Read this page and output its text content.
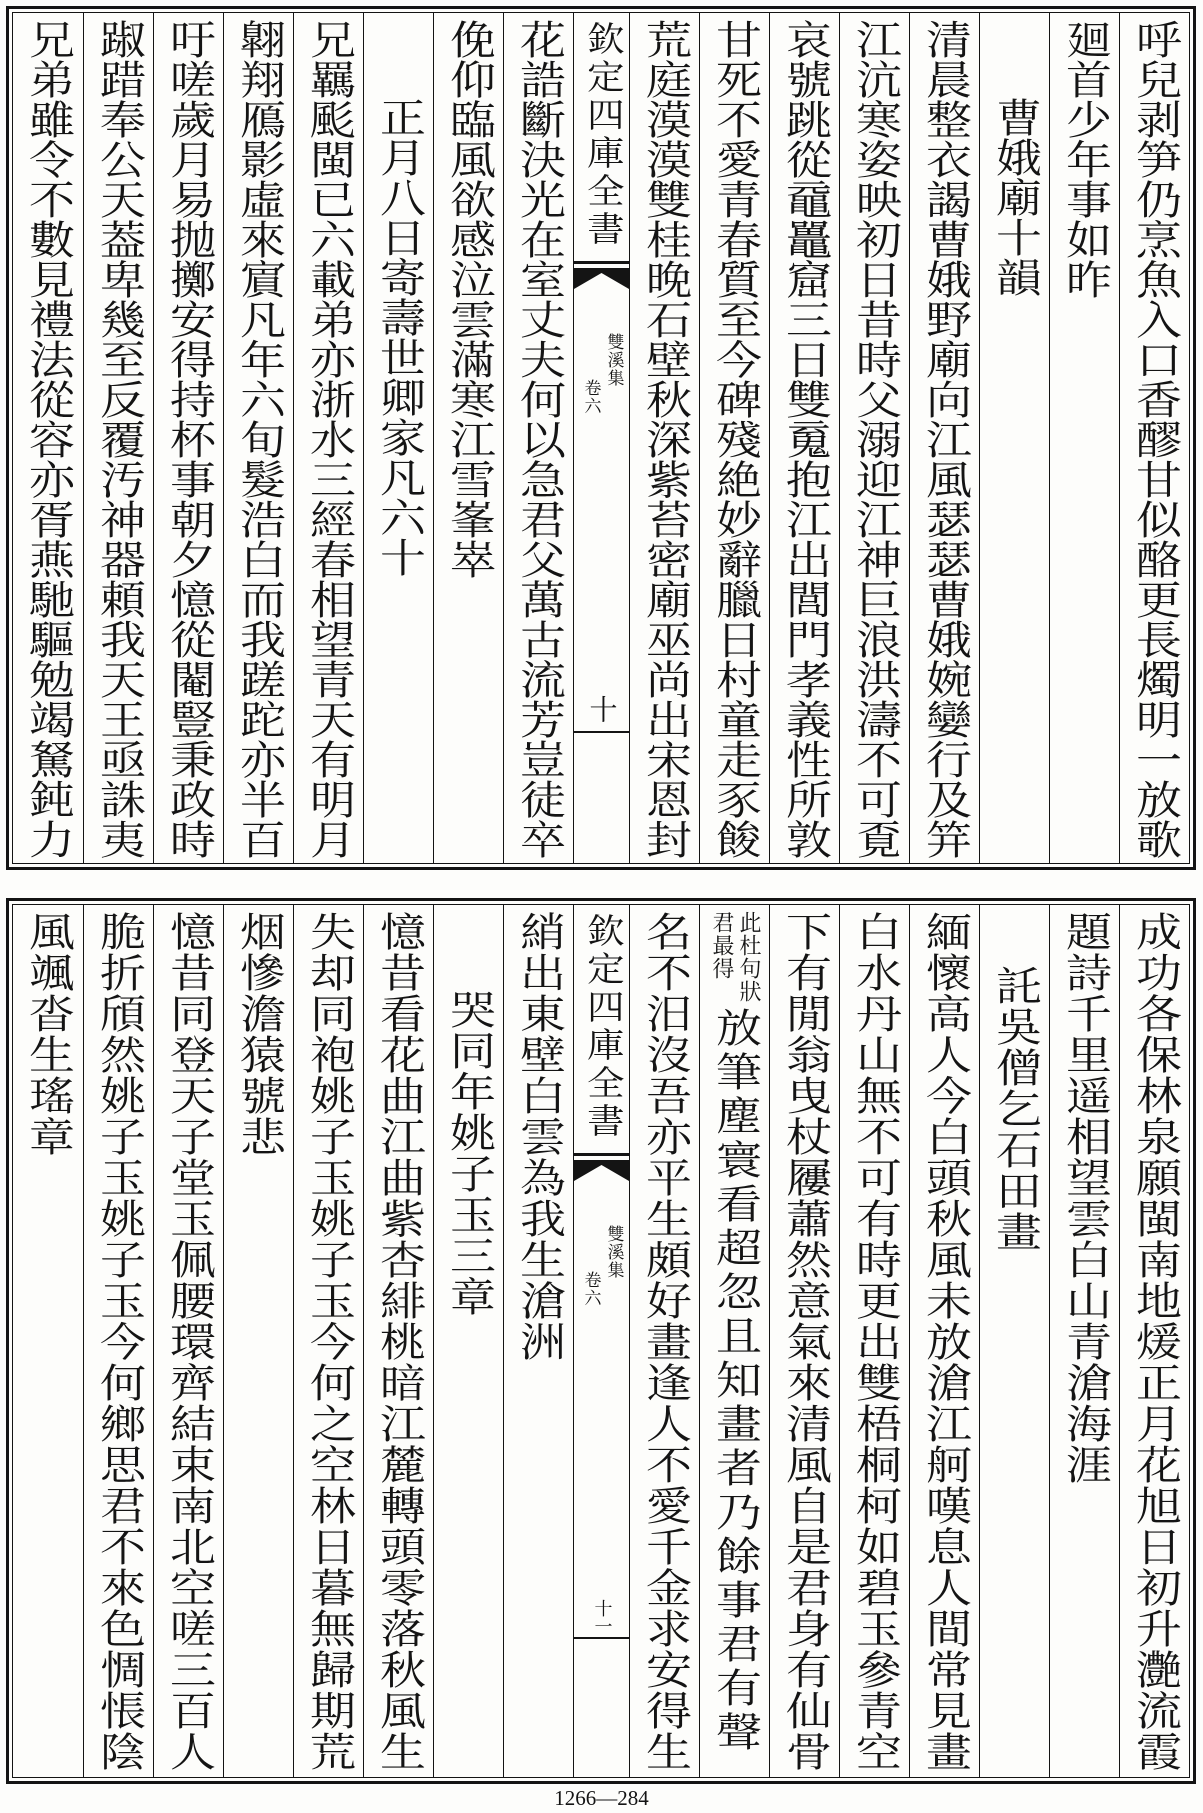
呼兒剥笋仍烹魚入口香醪甘似酪更長燭明一放歌
廻首少年事如昨
曹娥廟十韻
清晨整衣謁曹娥野廟向江風瑟瑟曹娥婉孌行及笄
江沆寒姿映初日昔時父溺迎江神巨浪洪濤不可覔
哀號跳從黿鼉窟三日雙䰟抱江出閭門孝義性所敦
甘死不愛青春質至今碑殘絶妙辭臘日村童走豕餕
荒庭漠漠雙桂晚石壁秋深紫苔密廟巫尚出宋恩封
欽定四庫全書
雙溪集
卷六
十
花誥斷決光在室丈夫何以急君父萬古流芳豈徒卒
俛仰臨風欲感泣雲滿寒江雪峯崒
正月八日寄壽世卿家凡六十
兄羈颩閩已六載弟亦浙水三經春相望青天有明月
翺翔鴈影虛來賔凡年六旬髮浩白而我蹉跎亦半百
吁嗟歲月易抛擲安得持杯事朝夕憶從閹豎秉政時
踧踖奉公天葢卑幾至反覆汚神器頼我天王亟誅夷
兄弟雖令不數見禮法從容亦胥燕馳驅勉竭駑鈍力
成功各保林泉願閩南地煖正月花旭日初升灔流霞
題詩千里遥相望雲白山青滄海涯
託吳僧乞石田畫
緬懷高人今白頭秋風未放滄江舸嘆息人間常見畫
白水丹山無不可有時更出雙梧桐柯如碧玉參青空
下有閒翁曳杖屨蕭然意氣來清風自是君身有仙骨
此杜句狀
君最得
放筆塵寰看超忽且知畫者乃餘事君有聲
名不汨沒吾亦平生頗好畫逢人不愛千金求安得生
欽定四庫全書
雙溪集
卷六
十一
綃出東壁白雲為我生滄洲
哭同年姚子玉三章
憶昔看花曲江曲紫杏緋桃暗江麓轉頭零落秋風生
失却同袍姚子玉姚子玉今何之空林日暮無歸期荒
烟慘澹猿號悲
憶昔同登天子堂玉佩腰環齊結束南北空嗟三百人
脆折頎然姚子玉姚子玉今何鄉思君不來色惆悵陰
風颯沓生瑤章
1266—284
